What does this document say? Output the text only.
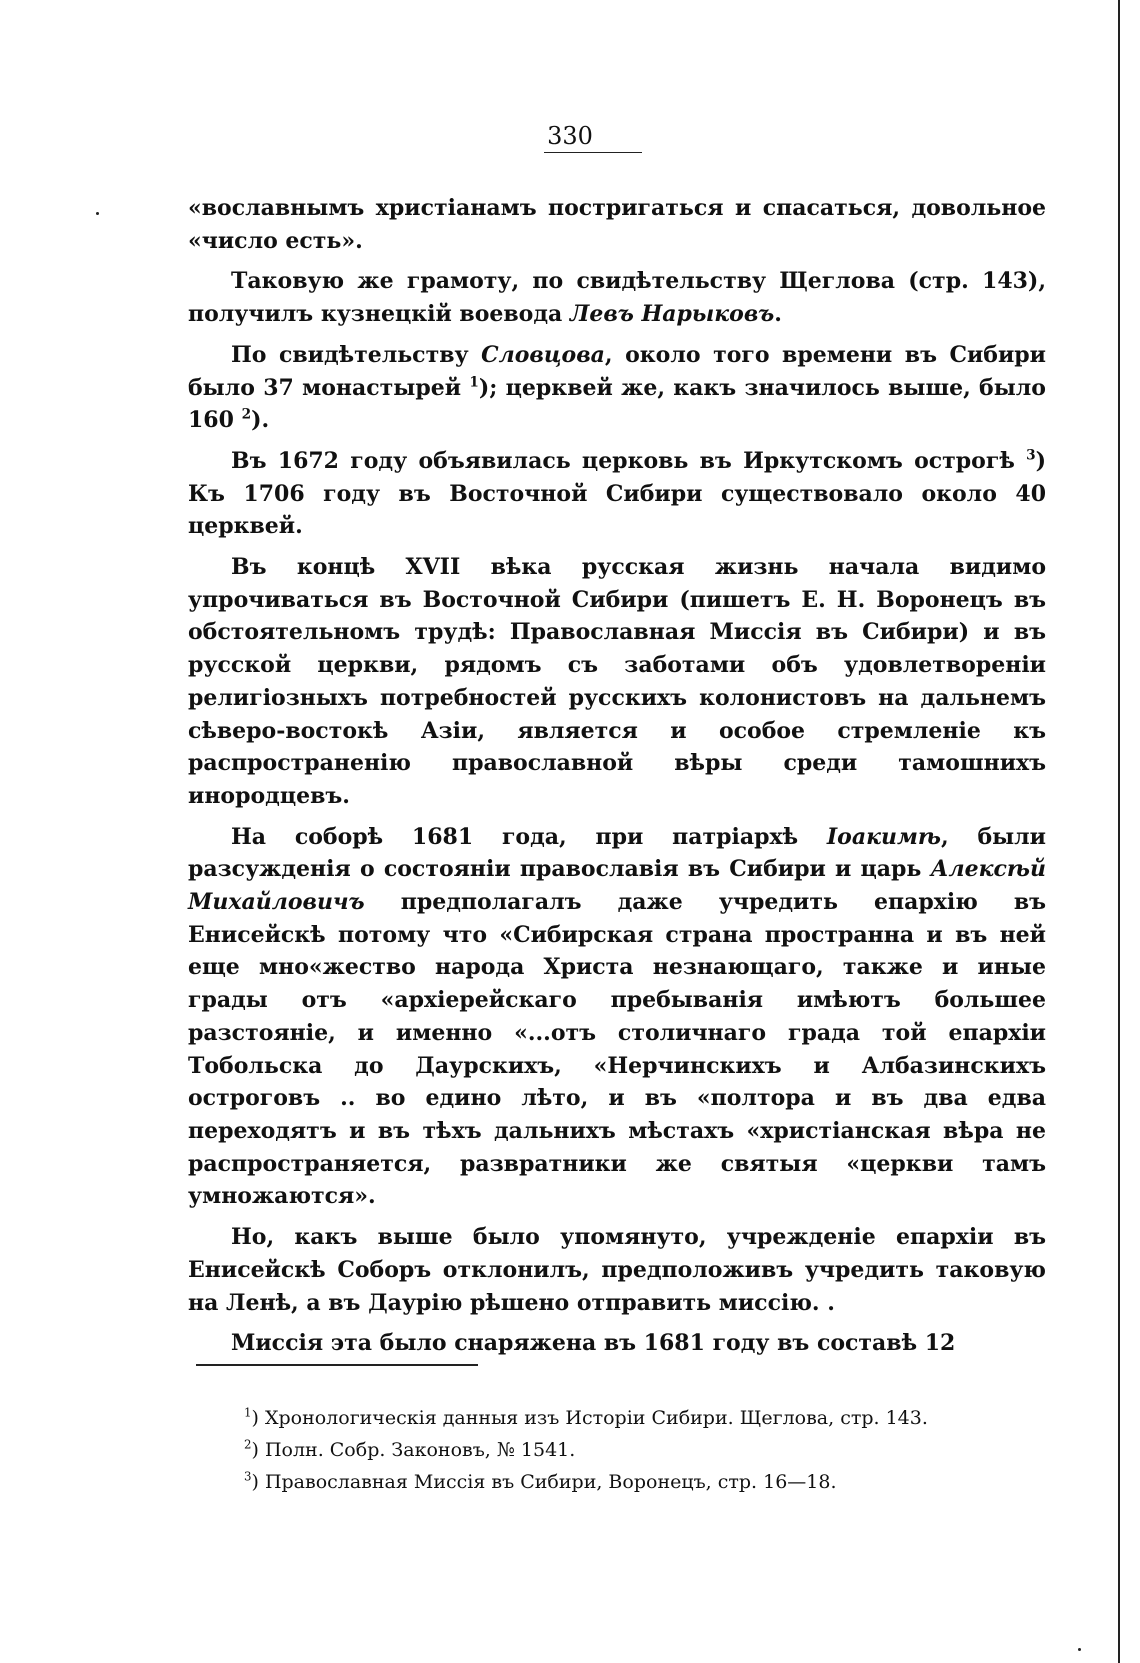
330

«вославнымъ христіанамъ постригаться и спасаться, довольное «число есть».

Таковую же грамоту, по свидѣтельству Щеглова (стр. 143), получилъ кузнецкій воевода Левъ Нарыковъ.

По свидѣтельству Словцова, около того времени въ Сибири было 37 монастырей $^1$); церквей же, какъ значилось выше, было 160 $^2$).

Въ 1672 году объявилась церковь въ Иркутскомъ острогѣ $^3$) Къ 1706 году въ Восточной Сибири существовало около 40 церквей.

Въ концѣ XVII вѣка русская жизнь начала видимо упрочиваться въ Восточной Сибири (пишетъ Е. Н. Воронецъ въ обстоятельномъ трудѣ: Православная Миссія въ Сибири) и въ русской церкви, рядомъ съ заботами объ удовлетвореніи религіозныхъ потребностей русскихъ колонистовъ на дальнемъ сѣверо-востокѣ Азіи, является и особое стремленіе къ распространенію православной вѣры среди тамошнихъ инородцевъ.

На соборѣ 1681 года, при патріархѣ Іоакимѣ, были разсужденія о состояніи православія въ Сибири и царь Алексѣй Михайловичъ предполагалъ даже учредить епархію въ Енисейскѣ потому что «Сибирская страна пространна и въ ней еще мно«жество народа Христа незнающаго, также и иные грады отъ «архіерейскаго пребыванія имѣютъ большее разстояніе, и именно «...отъ столичнаго града той епархіи Тобольска до Даурскихъ, «Нерчинскихъ и Албазинскихъ остроговъ .. во едино лѣто, и въ «полтора и въ два едва переходятъ и въ тѣхъ дальнихъ мѣстахъ «христіанская вѣра не распространяется, развратники же святыя «церкви тамъ умножаются».

Но, какъ выше было упомянуто, учрежденіе епархіи въ Енисейскѣ Соборъ отклонилъ, предположивъ учредить таковую на Ленѣ, а въ Даурію рѣшено отправить миссію. .

Миссія эта было снаряжена въ 1681 году въ составѣ 12

$^1$) Хронологическія данныя изъ Исторіи Сибири. Щеглова, стр. 143.

$^2$) Полн. Собр. Законовъ, № 1541.

$^3$) Православная Миссія въ Сибири, Воронецъ, стр. 16—18.
